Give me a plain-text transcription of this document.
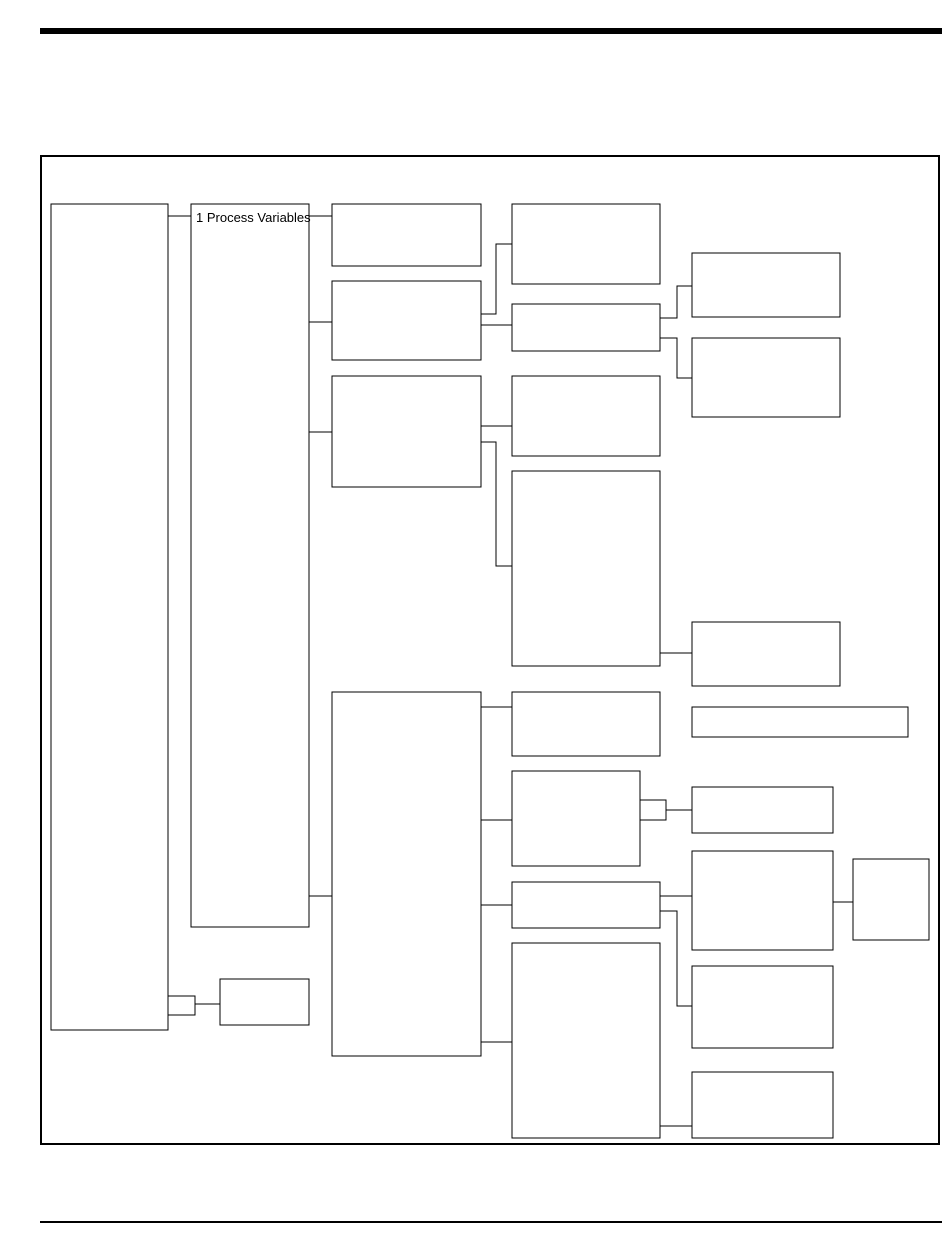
1 Process Variables
